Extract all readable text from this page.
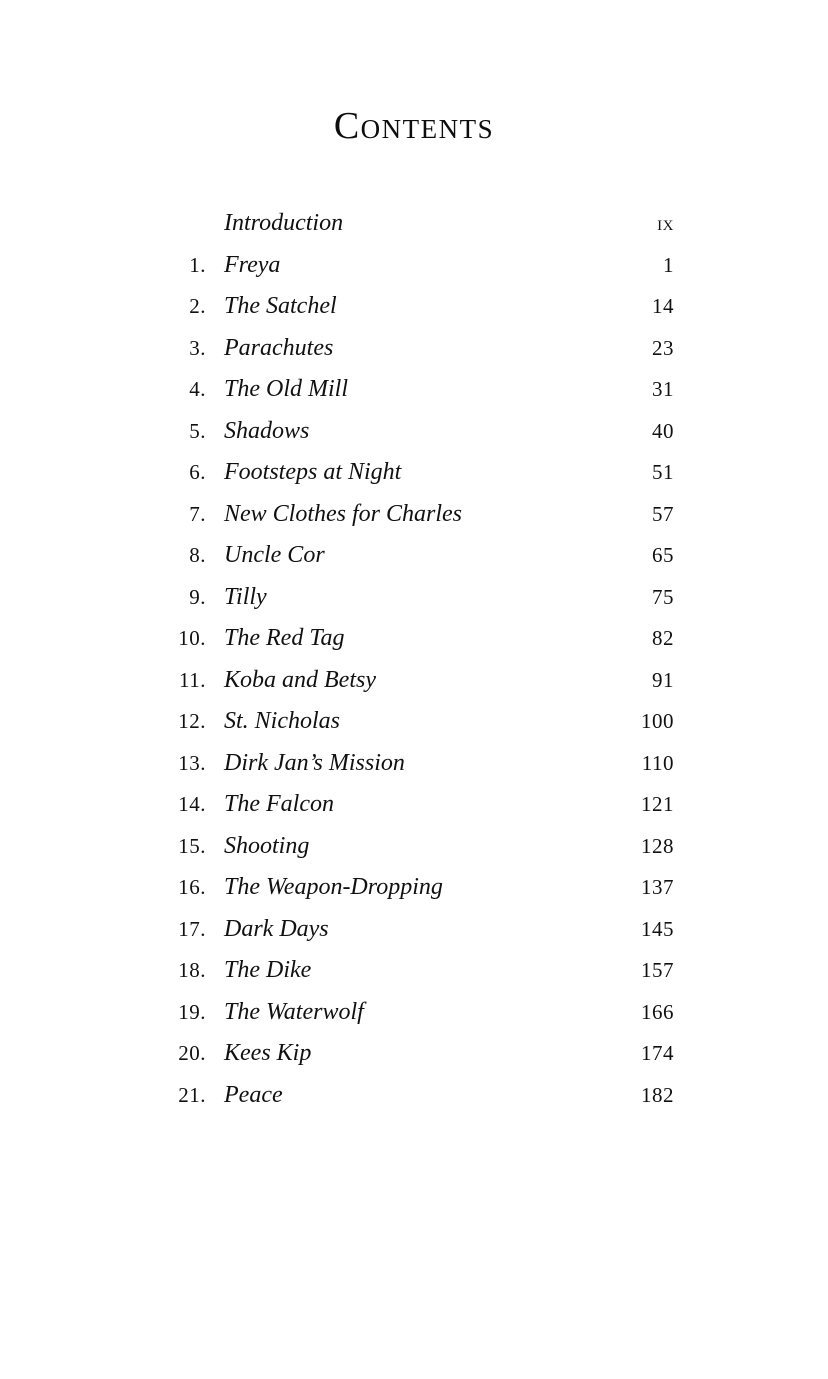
Contents
Introduction	ix
1. Freya	1
2. The Satchel	14
3. Parachutes	23
4. The Old Mill	31
5. Shadows	40
6. Footsteps at Night	51
7. New Clothes for Charles	57
8. Uncle Cor	65
9. Tilly	75
10. The Red Tag	82
11. Koba and Betsy	91
12. St. Nicholas	100
13. Dirk Jan’s Mission	110
14. The Falcon	121
15. Shooting	128
16. The Weapon-Dropping	137
17. Dark Days	145
18. The Dike	157
19. The Waterwolf	166
20. Kees Kip	174
21. Peace	182
